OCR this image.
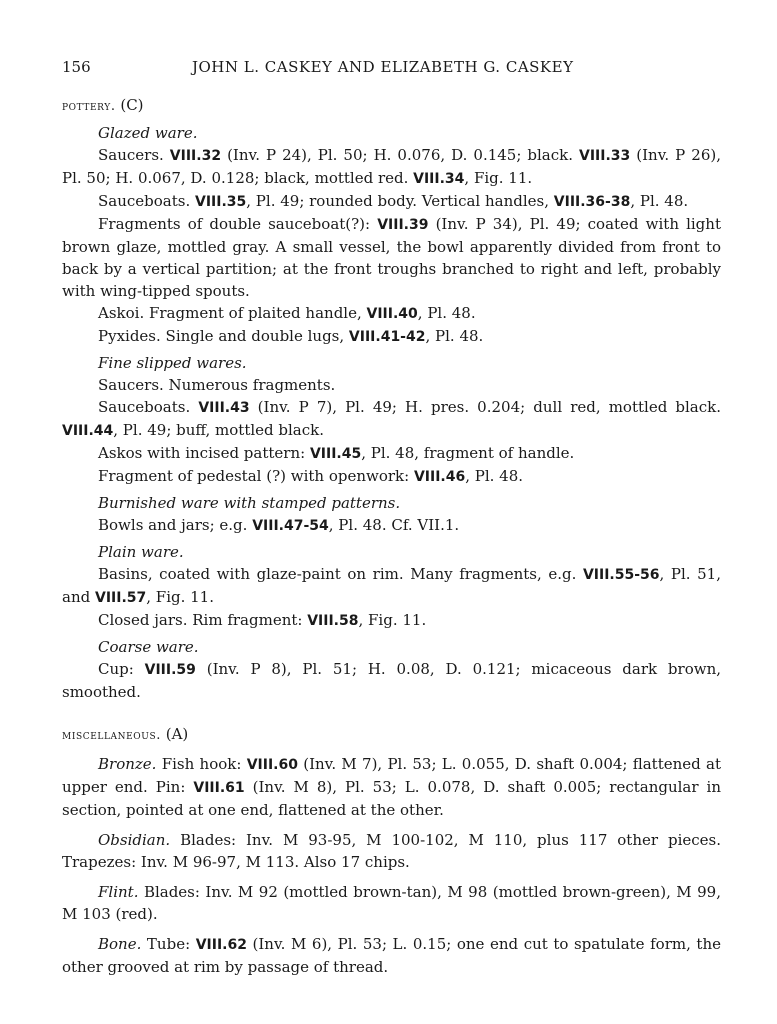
156	JOHN L. CASKEY AND ELIZABETH G. CASKEY
pottery. (C)
Glazed ware.

Saucers. VIII.32 (Inv. P 24), Pl. 50; H. 0.076, D. 0.145; black. VIII.33 (Inv. P 26), Pl. 50; H. 0.067, D. 0.128; black, mottled red. VIII.34, Fig. 11.

Sauceboats. VIII.35, Pl. 49; rounded body. Vertical handles, VIII.36-38, Pl. 48.

Fragments of double sauceboat(?): VIII.39 (Inv. P 34), Pl. 49; coated with light brown glaze, mottled gray. A small vessel, the bowl apparently divided from front to back by a vertical partition; at the front troughs branched to right and left, probably with wing-tipped spouts.

Askoi. Fragment of plaited handle, VIII.40, Pl. 48.

Pyxides. Single and double lugs, VIII.41-42, Pl. 48.

Fine slipped wares.

Saucers. Numerous fragments.

Sauceboats. VIII.43 (Inv. P 7), Pl. 49; H. pres. 0.204; dull red, mottled black. VIII.44, Pl. 49; buff, mottled black.

Askos with incised pattern: VIII.45, Pl. 48, fragment of handle.

Fragment of pedestal (?) with openwork: VIII.46, Pl. 48.

Burnished ware with stamped patterns.

Bowls and jars; e.g. VIII.47-54, Pl. 48. Cf. VII.1.

Plain ware.

Basins, coated with glaze-paint on rim. Many fragments, e.g. VIII.55-56, Pl. 51, and VIII.57, Fig. 11.

Closed jars. Rim fragment: VIII.58, Fig. 11.

Coarse ware.

Cup: VIII.59 (Inv. P 8), Pl. 51; H. 0.08, D. 0.121; micaceous dark brown, smoothed.

miscellaneous. (A)

Bronze. Fish hook: VIII.60 (Inv. M 7), Pl. 53; L. 0.055, D. shaft 0.004; flattened at upper end. Pin: VIII.61 (Inv. M 8), Pl. 53; L. 0.078, D. shaft 0.005; rectangular in section, pointed at one end, flattened at the other.

Obsidian. Blades: Inv. M 93-95, M 100-102, M 110, plus 117 other pieces. Trapezes: Inv. M 96-97, M 113. Also 17 chips.

Flint. Blades: Inv. M 92 (mottled brown-tan), M 98 (mottled brown-green), M 99, M 103 (red).

Bone. Tube: VIII.62 (Inv. M 6), Pl. 53; L. 0.15; one end cut to spatulate form, the other grooved at rim by passage of thread.
